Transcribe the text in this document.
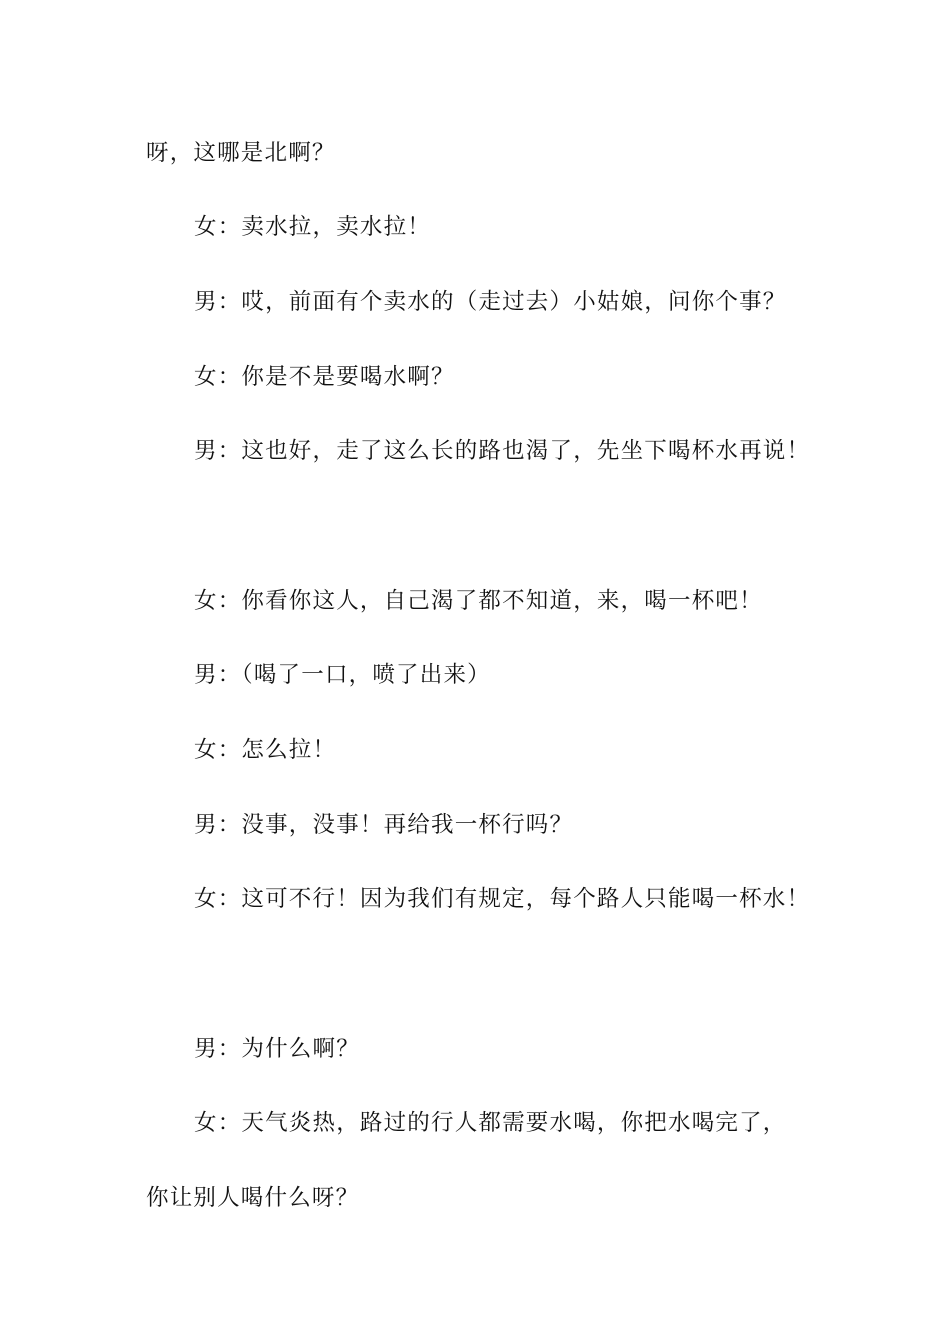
呀，这哪是北啊？
女：卖水拉，卖水拉！
男：哎，前面有个卖水的（走过去）小姑娘，问你个事？
女：你是不是要喝水啊？
男：这也好，走了这么长的路也渴了，先坐下喝杯水再说！
女：你看你这人，自己渴了都不知道，来，喝一杯吧！
男：（喝了一口，喷了出来）
女：怎么拉！
男：没事，没事！再给我一杯行吗？
女：这可不行！因为我们有规定，每个路人只能喝一杯水！
男：为什么啊？
女：天气炎热，路过的行人都需要水喝，你把水喝完了，
你让别人喝什么呀？
